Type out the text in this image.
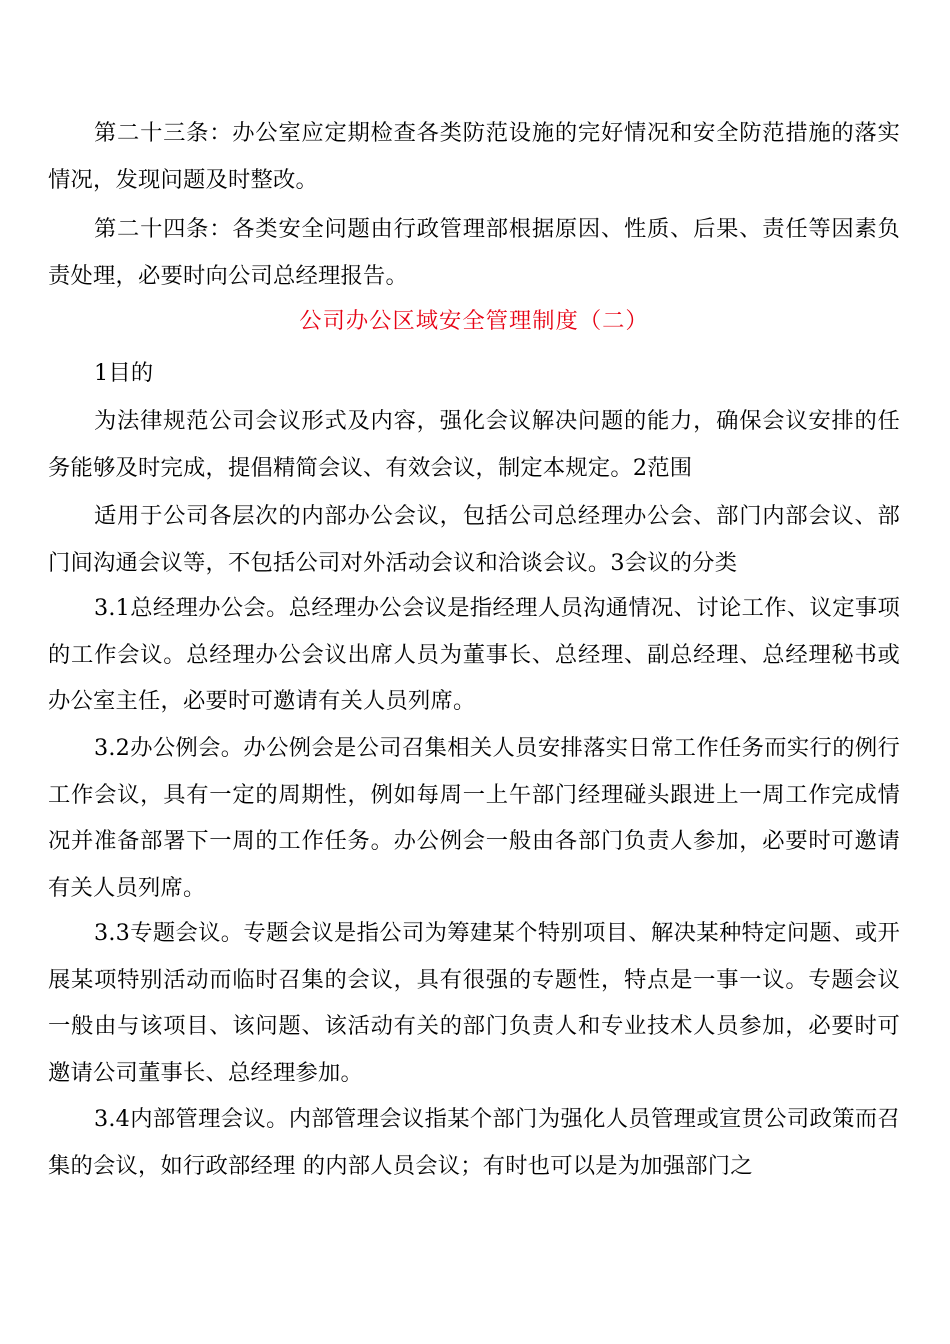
第二十三条：办公室应定期检查各类防范设施的完好情况和安全防范措施的落实情况，发现问题及时整改。

第二十四条：各类安全问题由行政管理部根据原因、性质、后果、责任等因素负责处理，必要时向公司总经理报告。

公司办公区域安全管理制度（二）

1目的

为法律规范公司会议形式及内容，强化会议解决问题的能力，确保会议安排的任务能够及时完成，提倡精简会议、有效会议，制定本规定。2范围

适用于公司各层次的内部办公会议，包括公司总经理办公会、部门内部会议、部门间沟通会议等，不包括公司对外活动会议和洽谈会议。3会议的分类

3.1总经理办公会。总经理办公会议是指经理人员沟通情况、讨论工作、议定事项的工作会议。总经理办公会议出席人员为董事长、总经理、副总经理、总经理秘书或办公室主任，必要时可邀请有关人员列席。

3.2办公例会。办公例会是公司召集相关人员安排落实日常工作任务而实行的例行工作会议，具有一定的周期性，例如每周一上午部门经理碰头跟进上一周工作完成情况并准备部署下一周的工作任务。办公例会一般由各部门负责人参加，必要时可邀请有关人员列席。

3.3专题会议。专题会议是指公司为筹建某个特别项目、解决某种特定问题、或开展某项特别活动而临时召集的会议，具有很强的专题性，特点是一事一议。专题会议一般由与该项目、该问题、该活动有关的部门负责人和专业技术人员参加，必要时可邀请公司董事长、总经理参加。

3.4内部管理会议。内部管理会议指某个部门为强化人员管理或宣贯公司政策而召集的会议，如行政部经理 的内部人员会议；有时也可以是为加强部门之
